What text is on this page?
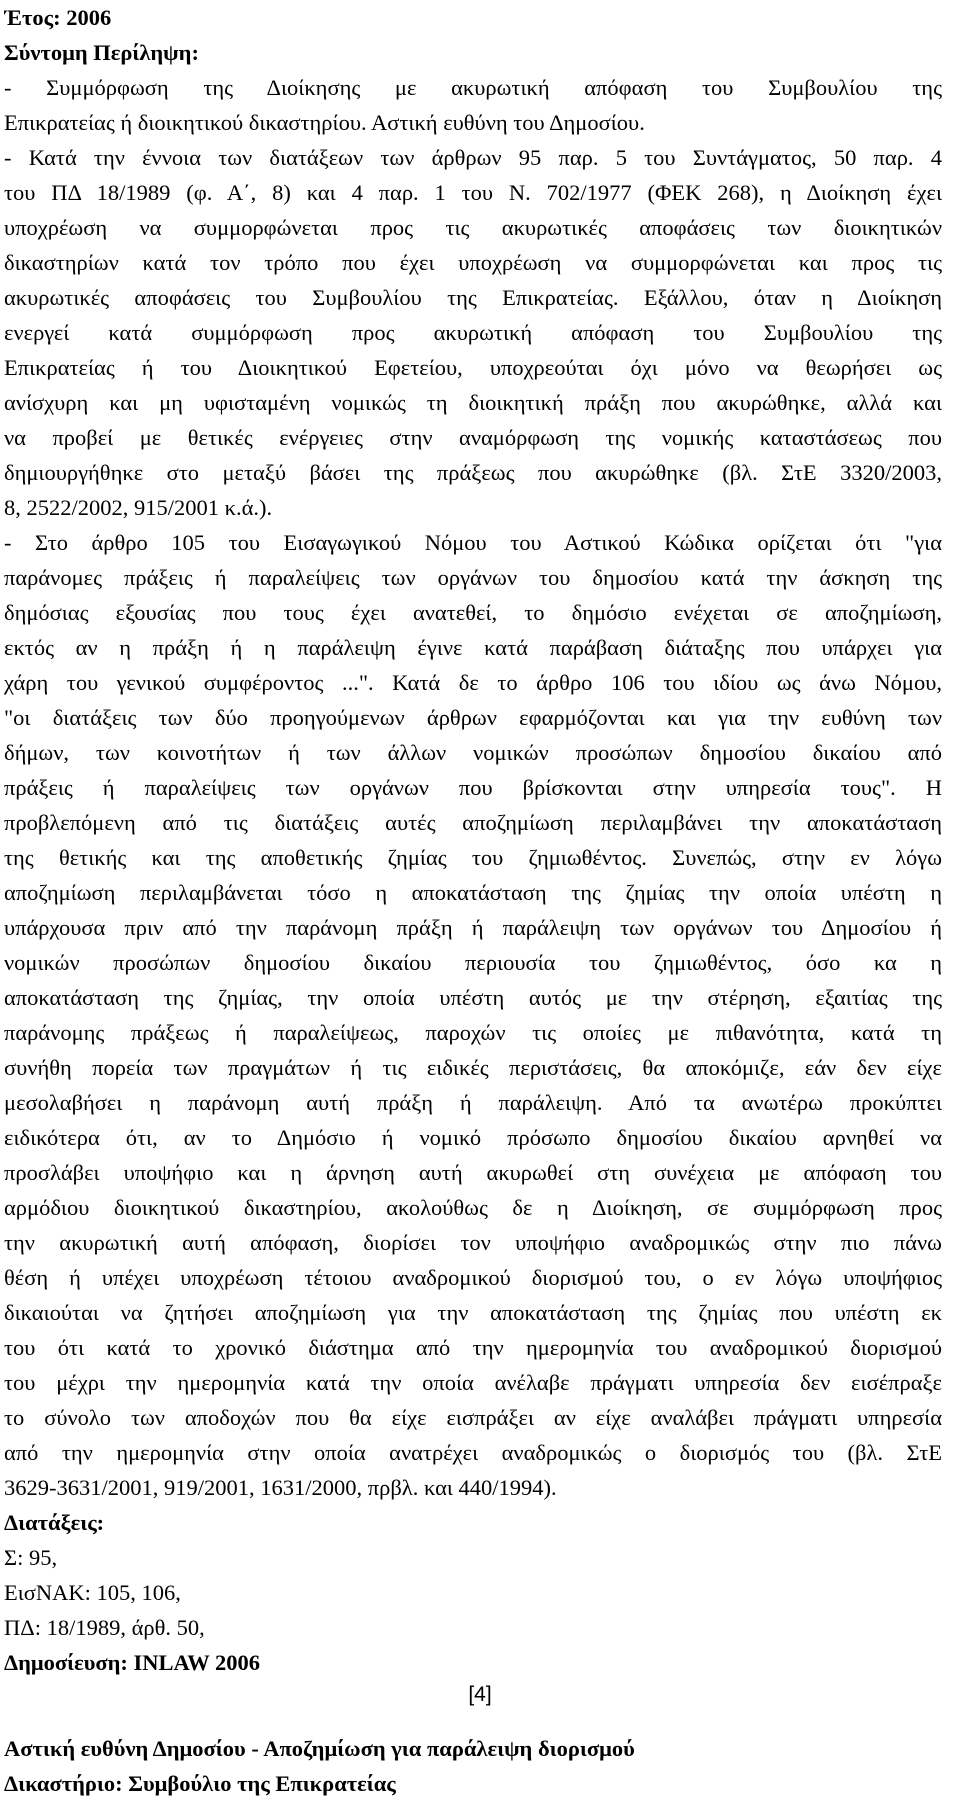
Έτος: 2006
Σύντομη Περίληψη:
- Συμμόρφωση της Διοίκησης με ακυρωτική απόφαση του Συμβουλίου της
Επικρατείας ή διοικητικού δικαστηρίου. Αστική ευθύνη του Δημοσίου.
- Κατά την έννοια των διατάξεων των άρθρων 95 παρ. 5 του Συντάγματος, 50 παρ. 4
του ΠΔ 18/1989 (φ. Α΄, 8) και 4 παρ. 1 του Ν. 702/1977 (ΦΕΚ 268), η Διοίκηση έχει
υποχρέωση να συμμορφώνεται προς τις ακυρωτικές αποφάσεις των διοικητικών
δικαστηρίων κατά τον τρόπο που έχει υποχρέωση να συμμορφώνεται και προς τις
ακυρωτικές αποφάσεις του Συμβουλίου της Επικρατείας. Εξάλλου, όταν η Διοίκηση
ενεργεί κατά συμμόρφωση προς ακυρωτική απόφαση του Συμβουλίου της
Επικρατείας ή του Διοικητικού Εφετείου, υποχρεούται όχι μόνο να θεωρήσει ως
ανίσχυρη και μη υφισταμένη νομικώς τη διοικητική πράξη που ακυρώθηκε, αλλά και
να προβεί με θετικές ενέργειες στην αναμόρφωση της νομικής καταστάσεως που
δημιουργήθηκε στο μεταξύ βάσει της πράξεως που ακυρώθηκε (βλ. ΣτΕ 3320/2003,
8, 2522/2002, 915/2001 κ.ά.).
- Στο άρθρο 105 του Εισαγωγικού Νόμου του Αστικού Κώδικα ορίζεται ότι "για
παράνομες πράξεις ή παραλείψεις των οργάνων του δημοσίου κατά την άσκηση της
δημόσιας εξουσίας που τους έχει ανατεθεί, το δημόσιο ενέχεται σε αποζημίωση,
εκτός αν η πράξη ή η παράλειψη έγινε κατά παράβαση διάταξης που υπάρχει για
χάρη του γενικού συμφέροντος ...". Κατά δε το άρθρο 106 του ιδίου ως άνω Νόμου,
"οι διατάξεις των δύο προηγούμενων άρθρων εφαρμόζονται και για την ευθύνη των
δήμων, των κοινοτήτων ή των άλλων νομικών προσώπων δημοσίου δικαίου από
πράξεις ή παραλείψεις των οργάνων που βρίσκονται στην υπηρεσία τους". Η
προβλεπόμενη από τις διατάξεις αυτές αποζημίωση περιλαμβάνει την αποκατάσταση
της θετικής και της αποθετικής ζημίας του ζημιωθέντος. Συνεπώς, στην εν λόγω
αποζημίωση περιλαμβάνεται τόσο η αποκατάσταση της ζημίας την οποία υπέστη η
υπάρχουσα πριν από την παράνομη πράξη ή παράλειψη των οργάνων του Δημοσίου ή
νομικών προσώπων δημοσίου δικαίου περιουσία του ζημιωθέντος, όσο κα η
αποκατάσταση της ζημίας, την οποία υπέστη αυτός με την στέρηση, εξαιτίας της
παράνομης πράξεως ή παραλείψεως, παροχών τις οποίες με πιθανότητα, κατά τη
συνήθη πορεία των πραγμάτων ή τις ειδικές περιστάσεις, θα αποκόμιζε, εάν δεν είχε
μεσολαβήσει η παράνομη αυτή πράξη ή παράλειψη. Από τα ανωτέρω προκύπτει
ειδικότερα ότι, αν το Δημόσιο ή νομικό πρόσωπο δημοσίου δικαίου αρνηθεί να
προσλάβει υποψήφιο και η άρνηση αυτή ακυρωθεί στη συνέχεια με απόφαση του
αρμόδιου διοικητικού δικαστηρίου, ακολούθως δε η Διοίκηση, σε συμμόρφωση προς
την ακυρωτική αυτή απόφαση, διορίσει τον υποψήφιο αναδρομικώς στην πιο πάνω
θέση ή υπέχει υποχρέωση τέτοιου αναδρομικού διορισμού του, ο εν λόγω υποψήφιος
δικαιούται να ζητήσει αποζημίωση για την αποκατάσταση της ζημίας που υπέστη εκ
του ότι κατά το χρονικό διάστημα από την ημερομηνία του αναδρομικού διορισμού
του μέχρι την ημερομηνία κατά την οποία ανέλαβε πράγματι υπηρεσία δεν εισέπραξε
το σύνολο των αποδοχών που θα είχε εισπράξει αν είχε αναλάβει πράγματι υπηρεσία
από την ημερομηνία στην οποία ανατρέχει αναδρομικώς ο διορισμός του (βλ. ΣτΕ
3629-3631/2001, 919/2001, 1631/2000, πρβλ. και 440/1994).
Διατάξεις:
Σ: 95,
ΕισΝΑΚ: 105, 106,
ΠΔ: 18/1989, άρθ. 50,
Δημοσίευση: INLAW 2006
Αστική ευθύνη Δημοσίου - Αποζημίωση για παράλειψη διορισμού
Δικαστήριο: Συμβούλιο της Επικρατείας
[4]
